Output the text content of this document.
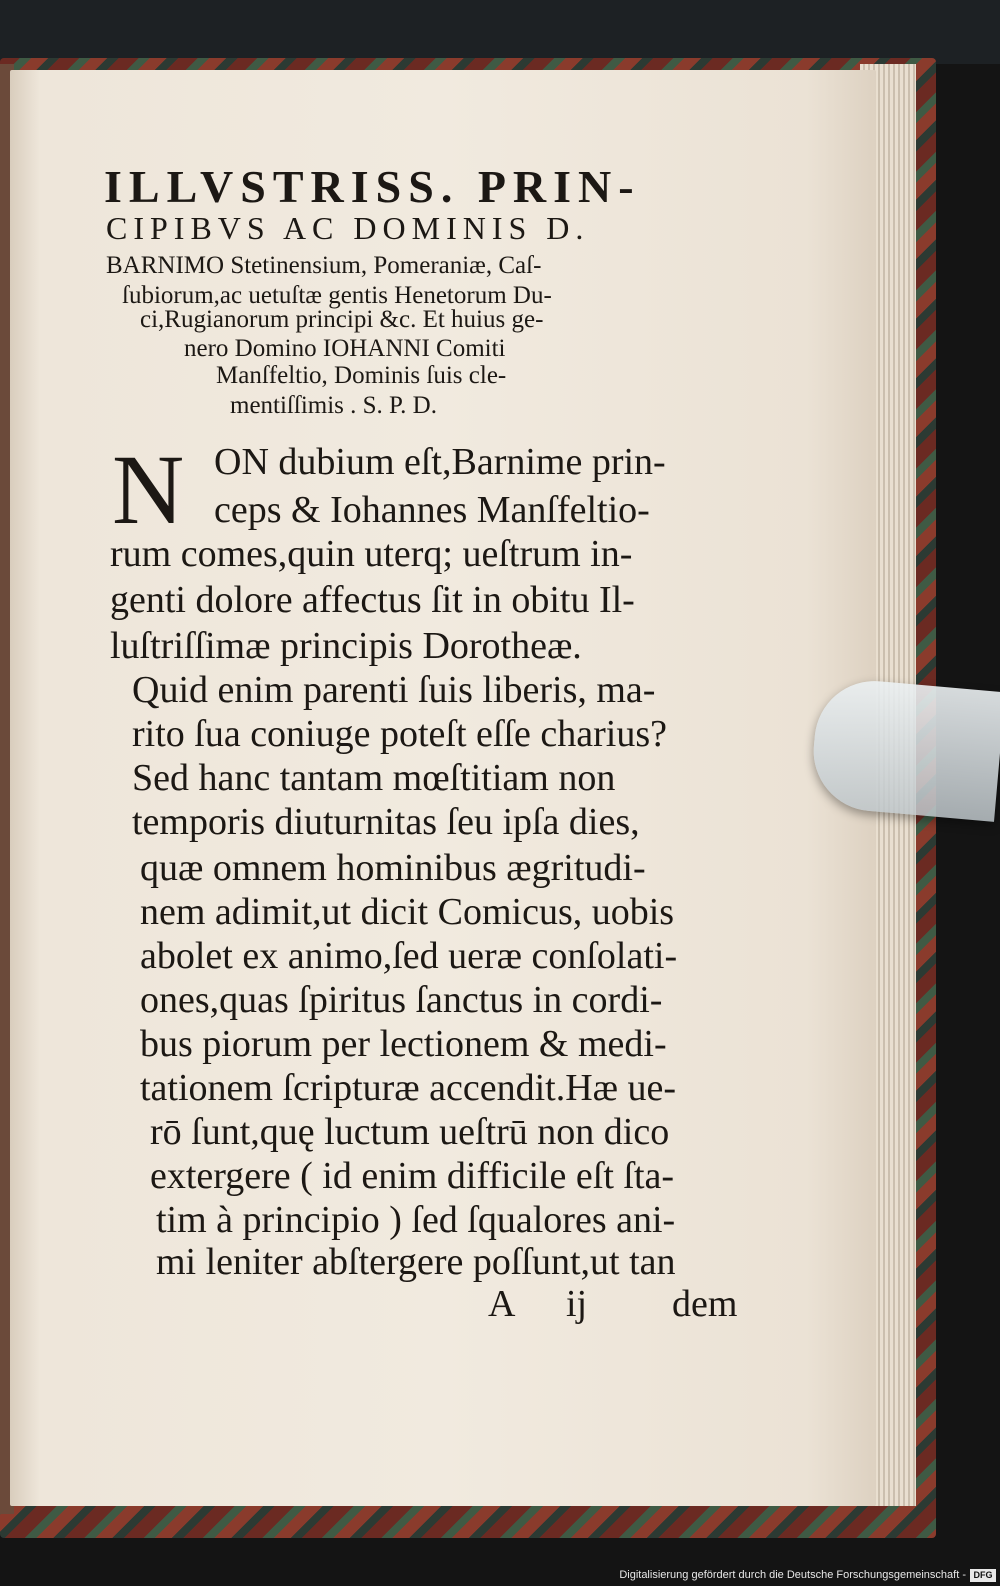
ILLVSTRISS. PRIN-
CIPIBVS AC DOMINIS D.
BARNIMO Stetinensium, Pomeraniæ, Caſ-
ſubiorum,ac uetuſtæ gentis Henetorum Du-
ci,Rugianorum principi &c. Et huius ge-
nero Domino IOHANNI Comiti
Manſfeltio, Dominis ſuis cle-
mentiſſimis . S. P. D.
N ON dubium eſt,Barnime prin-
ceps & Iohannes Manſfeltio-
rum comes,quin uterq; ueſtrum in-
genti dolore affectus ſit in obitu Il-
luſtriſſimæ principis Dorotheæ.
Quid enim parenti ſuis liberis, ma-
rito ſua coniuge poteſt eſſe charius?
Sed hanc tantam mœſtitiam non
temporis diuturnitas ſeu ipſa dies,
quæ omnem hominibus ægritudi-
nem adimit,ut dicit Comicus, uobis
abolet ex animo,ſed ueræ conſolati-
ones,quas ſpiritus ſanctus in cordi-
bus piorum per lectionem & medi-
tationem ſcripturæ accendit.Hæ ue-
rō ſunt,quę luctum ueſtrū non dico
extergere ( id enim difficile eſt ſta-
tim à principio ) ſed ſqualores ani-
mi leniter abſtergere poſſunt,ut tan
A ij dem
Digitalisierung gefördert durch die Deutsche Forschungsgemeinschaft - DFG
